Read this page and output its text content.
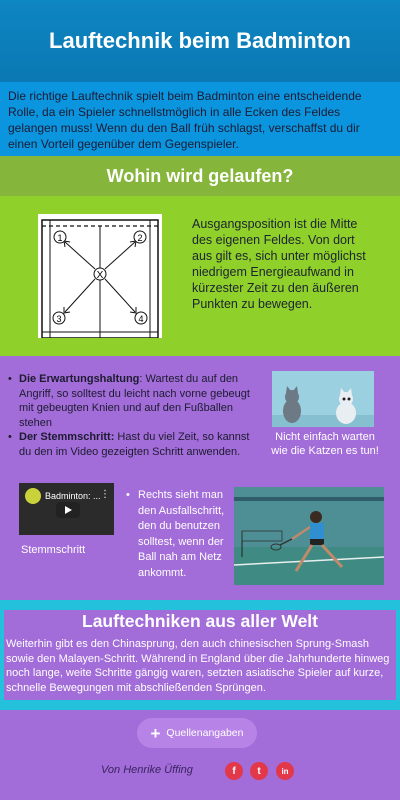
Lauftechnik beim Badminton
Die richtige Lauftechnik spielt beim Badminton eine entscheidende Rolle, da ein Spieler schnellstmöglich in alle Ecken des Feldes gelangen muss! Wenn du den Ball früh schlagst, verschaffst du dir einen Vorteil gegenüber dem Gegenspieler.
Wohin wird gelaufen?
1	2
3	4
X
Ausgangsposition ist die Mitte des eigenen Feldes. Von dort aus gilt es, sich unter möglichst niedrigem Energieaufwand in kürzester Zeit zu den äußeren Punkten zu bewegen.
• Die Erwartungshaltung: Wartest du auf den Angriff, so solltest du leicht nach vorne gebeugt mit gebeugten Knien und auf den Fußballen stehen
• Der Stemmschritt: Hast du viel Zeit, so kannst du den im Video gezeigten Schritt anwenden.
Nicht einfach warten wie die Katzen es tun!
Badminton: ... ⋮
Stemmschritt
• Rechts sieht man den Ausfallschritt, den du benutzen solltest, wenn der Ball nah am Netz ankommt.
Lauftechniken aus aller Welt

Weiterhin gibt es den Chinasprung, den auch chinesischen Sprung-Smash sowie den Malayen-Schritt. Während in England über die Jahrhunderte hinweg noch lange, weite Schritte gängig waren, setzten asiatische Spieler auf kurze, schnelle Bewegungen mit abschließenden Sprüngen.

+ Quellenangaben
Von Henrike Üffing	f	t	in
